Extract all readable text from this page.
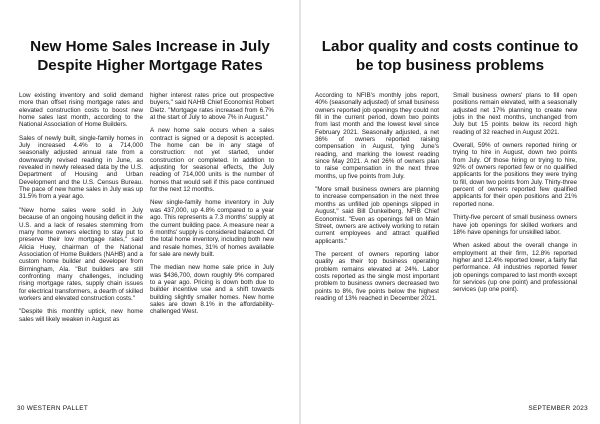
New Home Sales Increase in July Despite Higher Mortgage Rates

Low existing inventory and solid demand more than offset rising mortgage rates and elevated construction costs to boost new home sales last month, according to the National Association of Home Builders.

Sales of newly built, single-family homes in July increased 4.4% to a 714,000 seasonally adjusted annual rate from a downwardly revised reading in June, as revealed in newly released data by the U.S. Department of Housing and Urban Development and the U.S. Census Bureau. The pace of new home sales in July was up 31.5% from a year ago.

"New home sales were solid in July because of an ongoing housing deficit in the U.S. and a lack of resales stemming from many home owners electing to stay put to preserve their low mortgage rates," said Alicia Huey, chairman of the National Association of Home Builders (NAHB) and a custom home builder and developer from Birmingham, Ala. "But builders are still confronting many challenges, including rising mortgage rates, supply chain issues for electrical transformers, a dearth of skilled workers and elevated construction costs."

"Despite this monthly uptick, new home sales will likely weaken in August as

higher interest rates price out prospective buyers," said NAHB Chief Economist Robert Dietz. "Mortgage rates increased from 6.7% at the start of July to above 7% in August."

A new home sale occurs when a sales contract is signed or a deposit is accepted. The home can be in any stage of construction: not yet started, under construction or completed. In addition to adjusting for seasonal effects, the July reading of 714,000 units is the number of homes that would sell if this pace continued for the next 12 months.

New single-family home inventory in July was 437,000, up 4.8% compared to a year ago. This represents a 7.3 months' supply at the current building pace. A measure near a 6 months' supply is considered balanced. Of the total home inventory, including both new and resale homes, 31% of homes available for sale are newly built.

The median new home sale price in July was $436,700, down roughly 9% compared to a year ago. Pricing is down both due to builder incentive use and a shift towards building slightly smaller homes. New home sales are down 8.1% in the affordability-challenged West.

30 WESTERN PALLET
Labor quality and costs continue to be top business problems

According to NFIB's monthly jobs report, 40% (seasonally adjusted) of small business owners reported job openings they could not fill in the current period, down two points from last month and the lowest level since February 2021. Seasonally adjusted, a net 36% of owners reported raising compensation in August, tying June's reading, and marking the lowest reading since May 2021. A net 26% of owners plan to raise compensation in the next three months, up five points from July.

"More small business owners are planning to increase compensation in the next three months as unfilled job openings slipped in August," said Bill Dunkelberg, NFIB Chief Economist. "Even as openings fell on Main Street, owners are actively working to retain current employees and attract qualified applicants."

The percent of owners reporting labor quality as their top business operating problem remains elevated at 24%. Labor costs reported as the single most important problem to business owners decreased two points to 8%, five points below the highest reading of 13% reached in December 2021.

Small business owners' plans to fill open positions remain elevated, with a seasonally adjusted net 17% planning to create new jobs in the next months, unchanged from July but 15 points below its record high reading of 32 reached in August 2021.

Overall, 59% of owners reported hiring or trying to hire in August, down two points from July. Of those hiring or trying to hire, 92% of owners reported few or no qualified applicants for the positions they were trying to fill, down two points from July. Thirty-three percent of owners reported few qualified applicants for their open positions and 21% reported none.

Thirty-five percent of small business owners have job openings for skilled workers and 18% have openings for unskilled labor.

When asked about the overall change in employment at their firm, 12.8% reported higher and 12.4% reported lower, a fairly flat performance. All industries reported fewer job openings compared to last month except for services (up one point) and professional services (up one point).

SEPTEMBER 2023
